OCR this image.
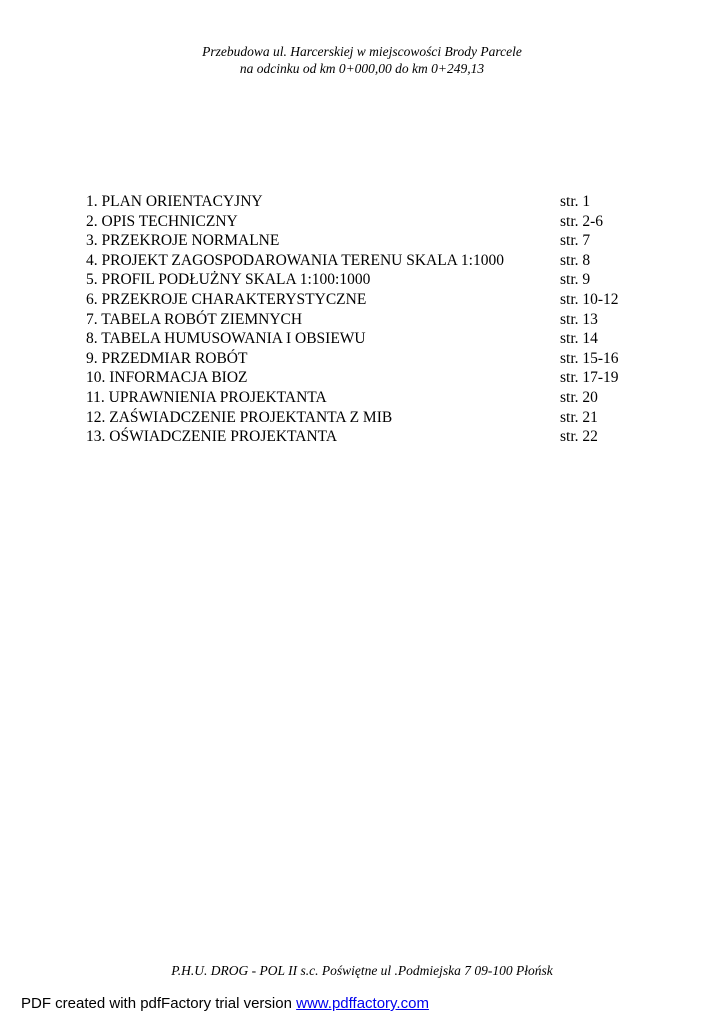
Przebudowa ul. Harcerskiej w miejscowości Brody Parcele
na odcinku od km 0+000,00 do km 0+249,13
1. PLAN ORIENTACYJNY	str. 1
2. OPIS TECHNICZNY	str. 2-6
3. PRZEKROJE NORMALNE	str. 7
4. PROJEKT ZAGOSPODAROWANIA TERENU SKALA 1:1000	str. 8
5. PROFIL PODŁUŻNY SKALA 1:100:1000	str. 9
6. PRZEKROJE CHARAKTERYSTYCZNE	str. 10-12
7. TABELA ROBÓT ZIEMNYCH	str. 13
8. TABELA HUMUSOWANIA I OBSIEWU	str. 14
9. PRZEDMIAR ROBÓT	str. 15-16
10. INFORMACJA BIOZ	str. 17-19
11. UPRAWNIENIA PROJEKTANTA	str. 20
12. ZAŚWIADCZENIE PROJEKTANTA Z MIB	str. 21
13. OŚWIADCZENIE PROJEKTANTA	str. 22
P.H.U. DROG - POL II s.c. Poświętne ul .Podmiejska 7 09-100 Płońsk
PDF created with pdfFactory trial version www.pdffactory.com
